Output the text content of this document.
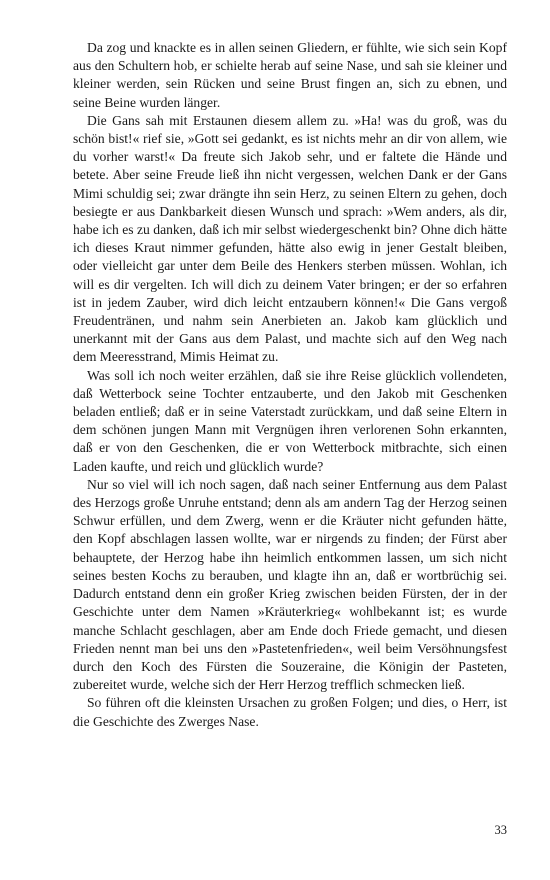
Da zog und knackte es in allen seinen Gliedern, er fühlte, wie sich sein Kopf aus den Schultern hob, er schielte herab auf seine Nase, und sah sie kleiner und kleiner werden, sein Rücken und seine Brust fingen an, sich zu ebnen, und seine Beine wurden länger.

Die Gans sah mit Erstaunen diesem allem zu. »Ha! was du groß, was du schön bist!« rief sie, »Gott sei gedankt, es ist nichts mehr an dir von allem, wie du vorher warst!« Da freute sich Jakob sehr, und er faltete die Hände und betete. Aber seine Freude ließ ihn nicht vergessen, welchen Dank er der Gans Mimi schuldig sei; zwar drängte ihn sein Herz, zu seinen Eltern zu gehen, doch besiegte er aus Dankbarkeit diesen Wunsch und sprach: »Wem anders, als dir, habe ich es zu danken, daß ich mir selbst wiedergeschenkt bin? Ohne dich hätte ich dieses Kraut nimmer gefunden, hätte also ewig in jener Gestalt bleiben, oder vielleicht gar unter dem Beile des Henkers sterben müssen. Wohlan, ich will es dir vergelten. Ich will dich zu deinem Vater bringen; er der so erfahren ist in jedem Zauber, wird dich leicht entzaubern können!« Die Gans vergoß Freudentränen, und nahm sein Anerbieten an. Jakob kam glücklich und unerkannt mit der Gans aus dem Palast, und machte sich auf den Weg nach dem Meeresstrand, Mimis Heimat zu.

Was soll ich noch weiter erzählen, daß sie ihre Reise glücklich vollendeten, daß Wetterbock seine Tochter entzauberte, und den Jakob mit Geschenken beladen entließ; daß er in seine Vaterstadt zurückkam, und daß seine Eltern in dem schönen jungen Mann mit Vergnügen ihren verlorenen Sohn erkannten, daß er von den Geschenken, die er von Wetterbock mitbrachte, sich einen Laden kaufte, und reich und glücklich wurde?

Nur so viel will ich noch sagen, daß nach seiner Entfernung aus dem Palast des Herzogs große Unruhe entstand; denn als am andern Tag der Herzog seinen Schwur erfüllen, und dem Zwerg, wenn er die Kräuter nicht gefunden hätte, den Kopf abschlagen lassen wollte, war er nirgends zu finden; der Fürst aber behauptete, der Herzog habe ihn heimlich entkommen lassen, um sich nicht seines besten Kochs zu berauben, und klagte ihn an, daß er wortbrüchig sei. Dadurch entstand denn ein großer Krieg zwischen beiden Fürsten, der in der Geschichte unter dem Namen »Kräuterkrieg« wohlbekannt ist; es wurde manche Schlacht geschlagen, aber am Ende doch Friede gemacht, und diesen Frieden nennt man bei uns den »Pastetenfrieden«, weil beim Versöhnungsfest durch den Koch des Fürsten die Souzeraine, die Königin der Pasteten, zubereitet wurde, welche sich der Herr Herzog trefflich schmecken ließ.

So führen oft die kleinsten Ursachen zu großen Folgen; und dies, o Herr, ist die Geschichte des Zwerges Nase.

33
